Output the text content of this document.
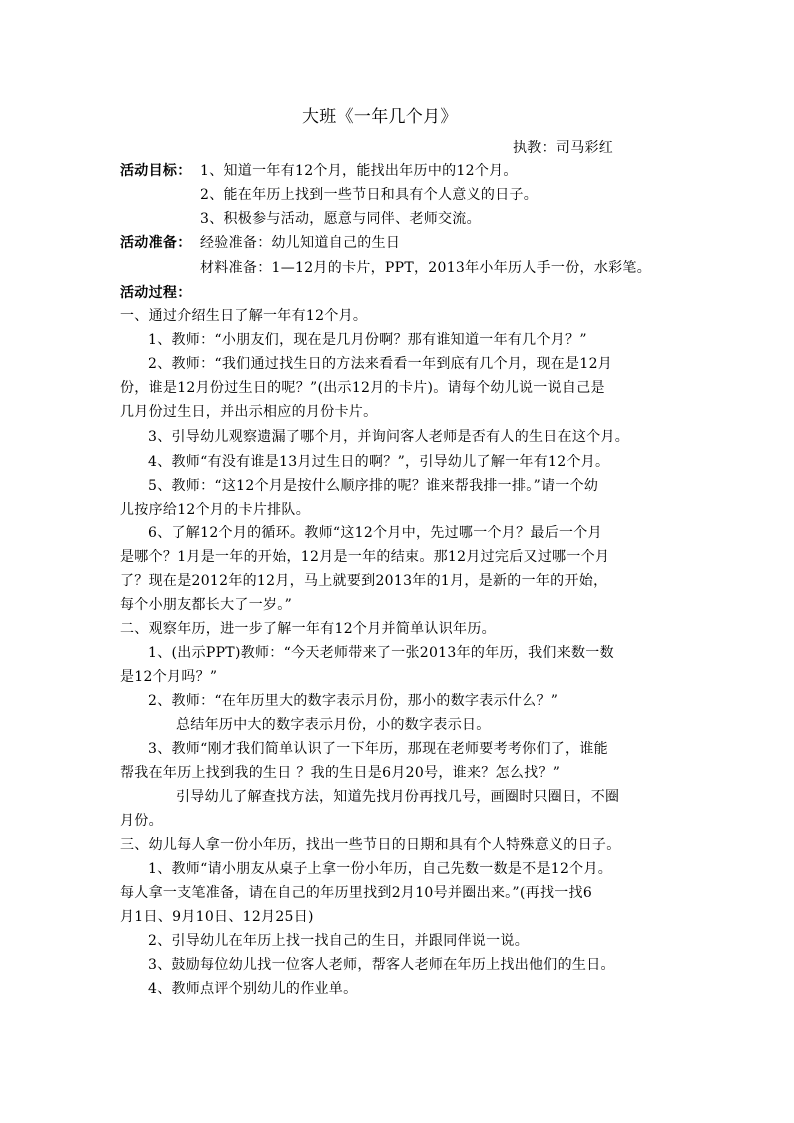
大班《一年几个月》
执教：司马彩红
活动目标： 1、知道一年有12个月，能找出年历中的12个月。
2、能在年历上找到一些节日和具有个人意义的日子。
3、积极参与活动，愿意与同伴、老师交流。
活动准备： 经验准备：幼儿知道自己的生日
材料准备：1—12月的卡片，PPT，2013年小年历人手一份，水彩笔。
活动过程：
一、通过介绍生日了解一年有12个月。
1、教师：“小朋友们，现在是几月份啊？那有谁知道一年有几个月？”
2、教师：“我们通过找生日的方法来看看一年到底有几个月，现在是12月
份，谁是12月份过生日的呢？”(出示12月的卡片)。请每个幼儿说一说自己是
几月份过生日，并出示相应的月份卡片。
3、引导幼儿观察遗漏了哪个月，并询问客人老师是否有人的生日在这个月。
4、教师“有没有谁是13月过生日的啊？”，引导幼儿了解一年有12个月。
5、教师：“这12个月是按什么顺序排的呢？谁来帮我排一排。”请一个幼
儿按序给12个月的卡片排队。
6、了解12个月的循环。教师“这12个月中，先过哪一个月？最后一个月
是哪个？1月是一年的开始，12月是一年的结束。那12月过完后又过哪一个月
了？现在是2012年的12月，马上就要到2013年的1月，是新的一年的开始，
每个小朋友都长大了一岁。”
二、观察年历，进一步了解一年有12个月并简单认识年历。
1、(出示PPT)教师：“今天老师带来了一张2013年的年历，我们来数一数
是12个月吗？”
2、教师：“在年历里大的数字表示月份，那小的数字表示什么？”
总结年历中大的数字表示月份，小的数字表示日。
3、教师“刚才我们简单认识了一下年历，那现在老师要考考你们了，谁能
帮我在年历上找到我的生日 ？我的生日是6月20号，谁来？怎么找？”
引导幼儿了解查找方法，知道先找月份再找几号，画圈时只圈日，不圈
月份。
三、幼儿每人拿一份小年历，找出一些节日的日期和具有个人特殊意义的日子。
1、教师“请小朋友从桌子上拿一份小年历，自己先数一数是不是12个月。
每人拿一支笔准备，请在自己的年历里找到2月10号并圈出来。”(再找一找6
月1日、9月10日、12月25日)
2、引导幼儿在年历上找一找自己的生日，并跟同伴说一说。
3、鼓励每位幼儿找一位客人老师，帮客人老师在年历上找出他们的生日。
4、教师点评个别幼儿的作业单。
